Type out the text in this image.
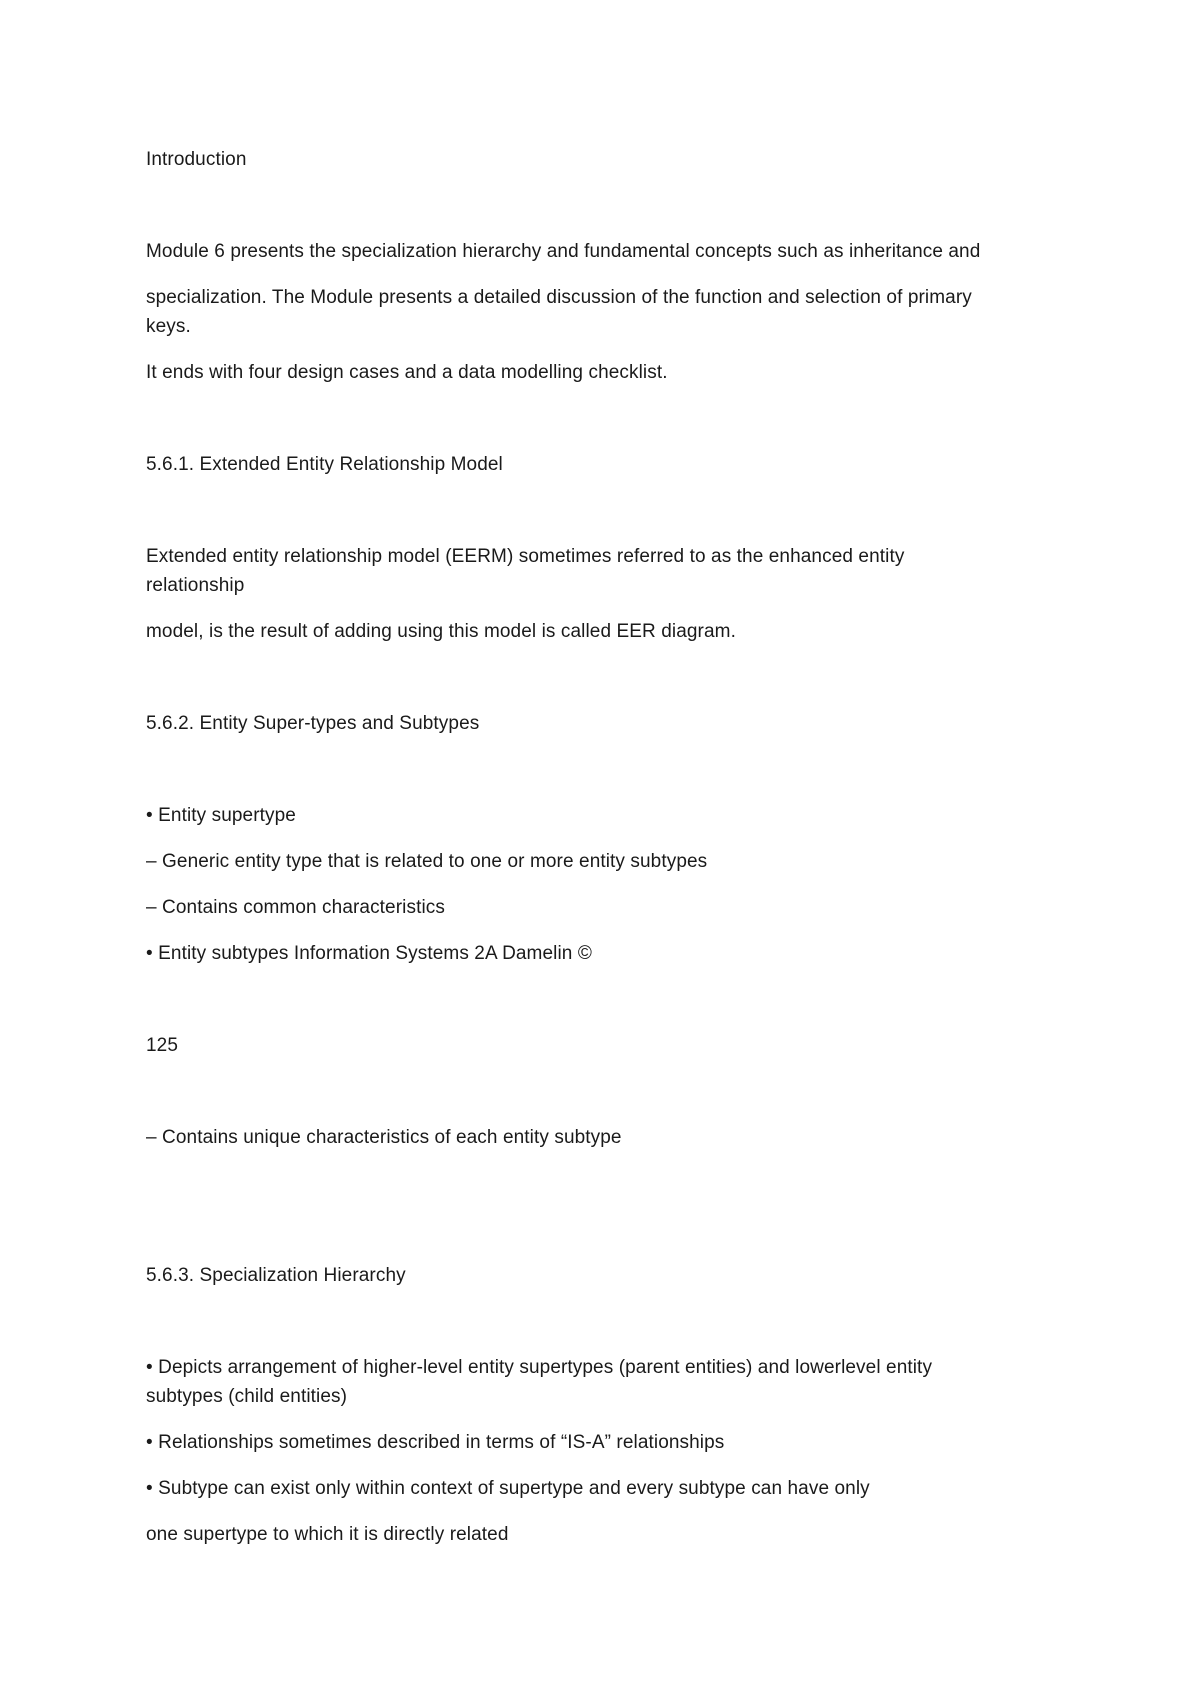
Introduction
Module 6 presents the specialization hierarchy and fundamental concepts such as inheritance and
specialization. The Module presents a detailed discussion of the function and selection of primary
keys.
It ends with four design cases and a data modelling checklist.
5.6.1. Extended Entity Relationship Model
Extended entity relationship model (EERM) sometimes referred to as the enhanced entity
relationship
model, is the result of adding using this model is called EER diagram.
5.6.2. Entity Super-types and Subtypes
• Entity supertype
– Generic entity type that is related to one or more entity subtypes
– Contains common characteristics
• Entity subtypes Information Systems 2A Damelin ©
125
– Contains unique characteristics of each entity subtype
5.6.3. Specialization Hierarchy
• Depicts arrangement of higher-level entity supertypes (parent entities) and lowerlevel entity
subtypes (child entities)
• Relationships sometimes described in terms of “IS-A” relationships
• Subtype can exist only within context of supertype and every subtype can have only
one supertype to which it is directly related
